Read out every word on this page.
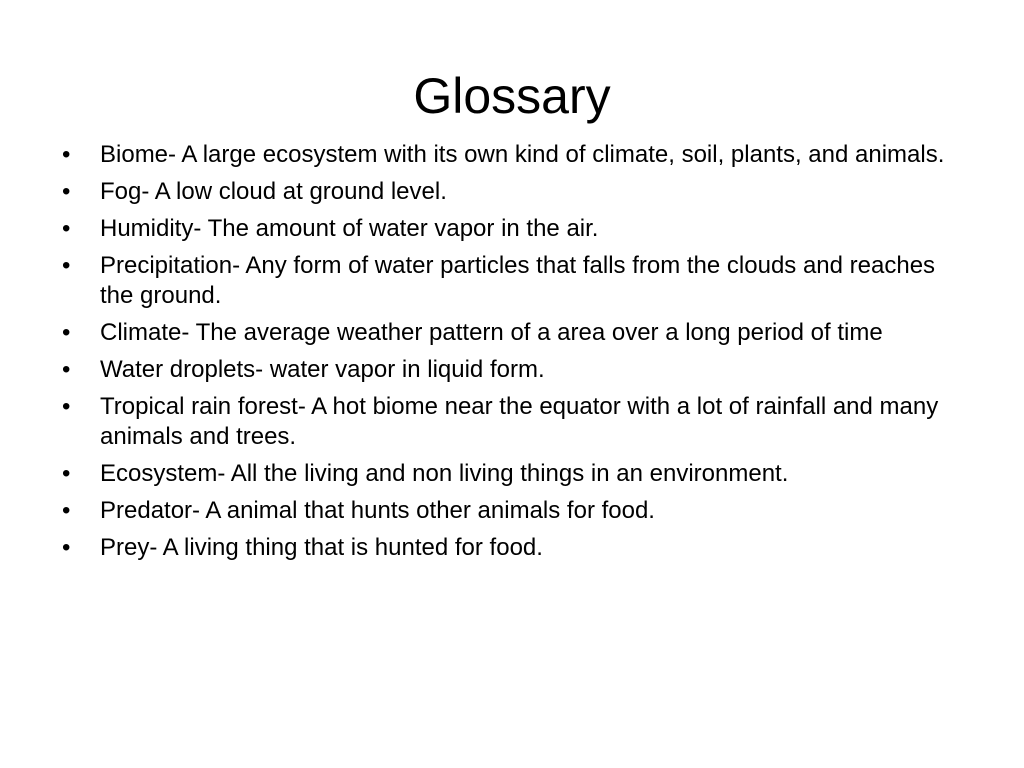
Glossary
•	Biome- A large ecosystem with its own kind of climate, soil, plants, and animals.
•	Fog- A low cloud at ground level.
•	Humidity- The amount of water vapor in the air.
•	Precipitation- Any form of water particles that falls from the clouds and reaches the ground.
•	Climate- The average weather pattern of a area over a long period of time
•	Water droplets- water vapor in liquid form.
•	Tropical rain forest- A hot biome near the equator with a lot of rainfall and many animals and trees.
•	Ecosystem- All the living and non living things in an environment.
•	Predator- A animal that hunts other animals for food.
•	Prey- A living thing that is hunted for food.
